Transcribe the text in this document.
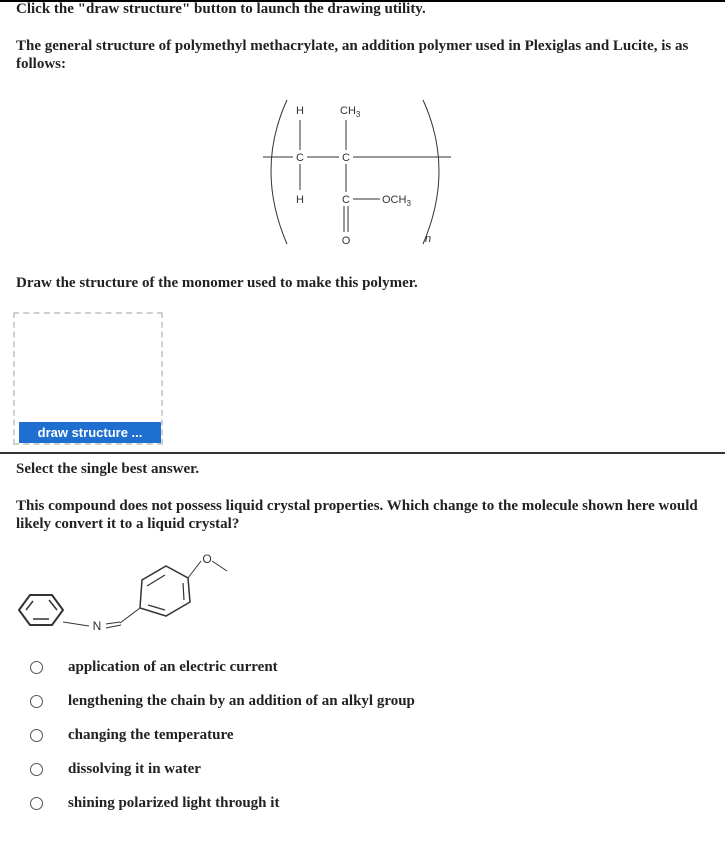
Click the "draw structure" button to launch the drawing utility.
The general structure of polymethyl methacrylate, an addition polymer used in Plexiglas and Lucite, is as follows:
H	$CH_3$
C	C
H	C	$OCH_3$
O	n
Draw the structure of the monomer used to make this polymer.
draw structure ...
Select the single best answer.
This compound does not possess liquid crystal properties. Which change to the molecule shown here would likely convert it to a liquid crystal?
N
O
application of an electric current
lengthening the chain by an addition of an alkyl group
changing the temperature
dissolving it in water
shining polarized light through it
